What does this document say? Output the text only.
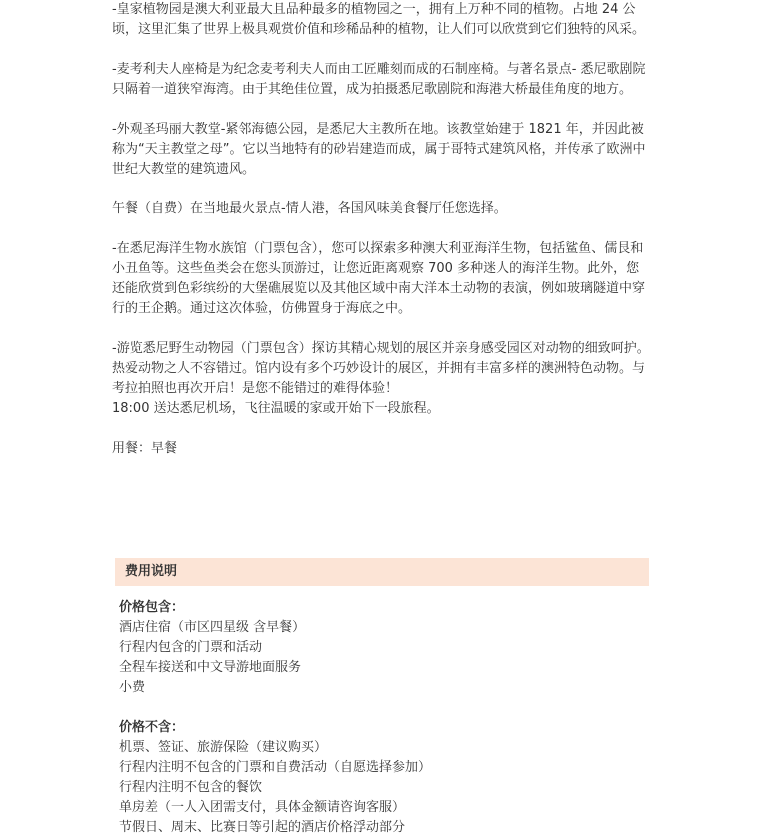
-皇家植物园是澳大利亚最大且品种最多的植物园之一，拥有上万种不同的植物。占地 24 公顷，这里汇集了世界上极具观赏价值和珍稀品种的植物，让人们可以欣赏到它们独特的风采。

-麦考利夫人座椅是为纪念麦考利夫人而由工匠雕刻而成的石制座椅。与著名景点- 悉尼歌剧院只隔着一道狭窄海湾。由于其绝佳位置，成为拍摄悉尼歌剧院和海港大桥最佳角度的地方。

-外观圣玛丽大教堂-紧邻海德公园，是悉尼大主教所在地。该教堂始建于 1821 年，并因此被称为“天主教堂之母”。它以当地特有的砂岩建造而成，属于哥特式建筑风格，并传承了欧洲中世纪大教堂的建筑遗风。

午餐（自费）在当地最火景点-情人港，各国风味美食餐厅任您选择。

-在悉尼海洋生物水族馆（门票包含），您可以探索多种澳大利亚海洋生物，包括鲨鱼、儒艮和小丑鱼等。这些鱼类会在您头顶游过，让您近距离观察 700 多种迷人的海洋生物。此外，您还能欣赏到色彩缤纷的大堡礁展览以及其他区域中南大洋本土动物的表演，例如玻璃隧道中穿行的王企鹅。通过这次体验，仿佛置身于海底之中。

-游览悉尼野生动物园（门票包含）探访其精心规划的展区并亲身感受园区对动物的细致呵护。热爱动物之人不容错过。馆内设有多个巧妙设计的展区，并拥有丰富多样的澳洲特色动物。与考拉拍照也再次开启！是您不能错过的难得体验！

18:00 送达悉尼机场，飞往温暖的家或开始下一段旅程。

用餐：早餐

费用说明

价格包含：

酒店住宿（市区四星级 含早餐）
行程内包含的门票和活动
全程车接送和中文导游地面服务
小费

价格不含：

机票、签证、旅游保险（建议购买）
行程内注明不包含的门票和自费活动（自愿选择参加）
行程内注明不包含的餐饮
单房差（一人入团需支付，具体金额请咨询客服）
节假日、周末、比赛日等引起的酒店价格浮动部分
